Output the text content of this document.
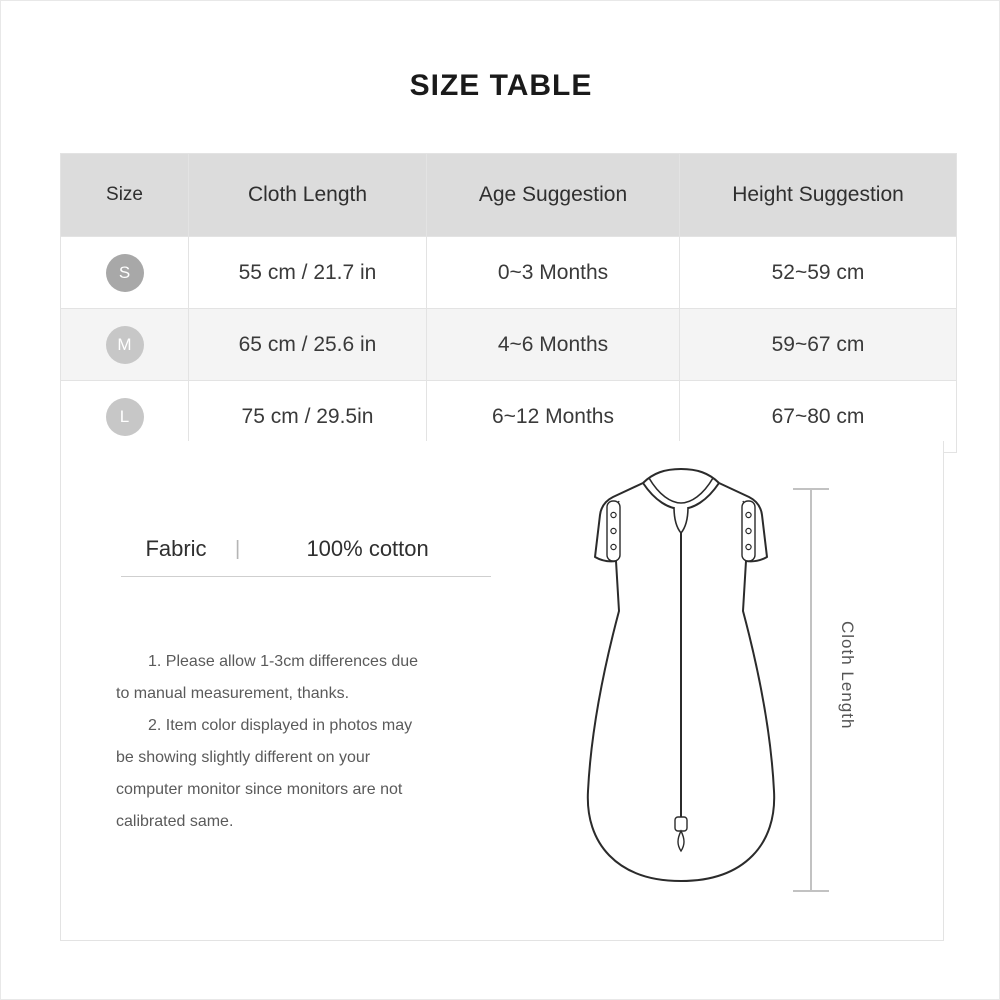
SIZE TABLE
Size	Cloth Length	Age Suggestion	Height Suggestion
S	55 cm / 21.7 in	0~3 Months	52~59 cm
M	65 cm / 25.6 in	4~6 Months	59~67 cm
L	75 cm / 29.5in	6~12 Months	67~80 cm
Fabric	|	100% cotton

1. Please allow 1-3cm differences due

to manual measurement, thanks.

2. Item color displayed in photos may

be showing slightly different on your

computer monitor since monitors are not

calibrated same.

Cloth Length
